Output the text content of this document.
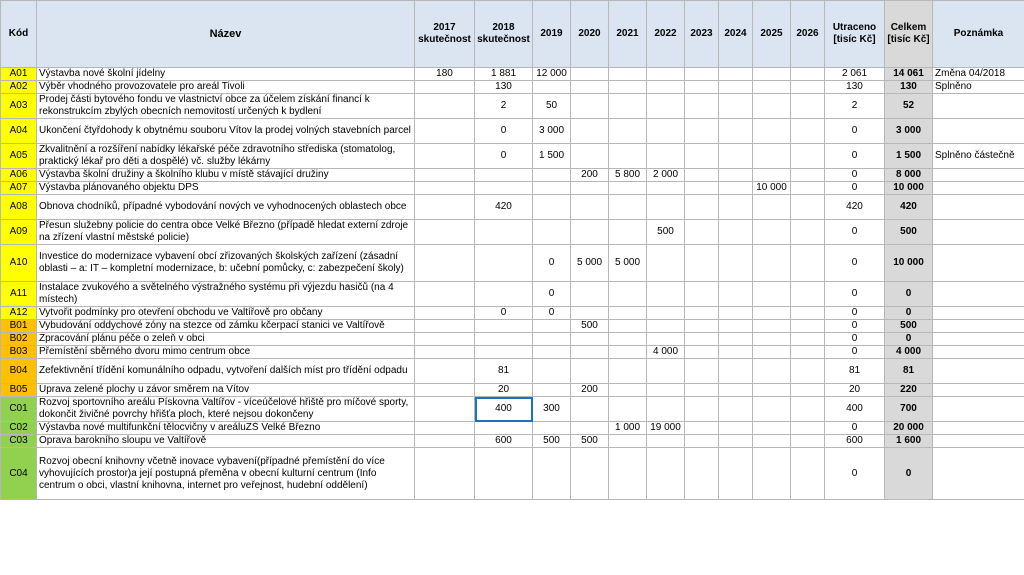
Kód	Název	2017 skutečnost	2018 skutečnost	2019	2020	2021	2022	2023	2024	2025	2026	Utraceno [tisíc Kč]	Celkem [tisíc Kč]	Poznámka
A01	Výstavba nové školní jídelny	180	1 881	12 000								2 061	14 061	Změna 04/2018
A02	Výběr vhodného provozovatele pro areál Tivoli		130									130	130	Splněno
A03	Prodej části bytového fondu ve vlastnictví obce za účelem získání financí k rekonstrukcím zbylých obecních nemovitostí určených k bydlení		2	50								2	52	
A04	Ukončení čtyřdohody k obytnému souboru Vítov la prodej volných stavebních parcel		0	3 000								0	3 000	
A05	Zkvalitnění a rozšíření nabídky lékařské péče zdravotního střediska (stomatolog, praktický lékař pro děti a dospělé) vč. služby lékárny		0	1 500								0	1 500	Splněno částečně
A06	Výstavba školní družiny a školního klubu v místě stávající družiny				200	5 800	2 000					0	8 000	
A07	Výstavba plánovaného objektu DPS									10 000		0	10 000	
A08	Obnova chodníků, případné vybodování nových ve vyhodnocených oblastech obce		420									420	420	
A09	Přesun služebny policie do centra obce Velké Březno (případě hledat externí zdroje na zřízení vlastní městské policie)						500					0	500	
A10	Investice do modernizace vybavení obcí zřizovaných školských zařízení (zásadní oblasti – a: IT – kompletní modernizace, b: učební pomůcky, c: zabezpečení školy)			0	5 000	5 000						0	10 000	
A11	Instalace zvukového a světelného výstražného systému při výjezdu hasičů (na 4 místech)			0								0	0	
A12	Vytvořit podmínky pro otevření obchodu ve Valtířově pro občany		0	0								0	0	
B01	Vybudování oddychové zóny na stezce od zámku kčerpací stanici ve Valtířově				500							0	500	
B02	Zpracování plánu péče o zeleň v obci											0	0	
B03	Přemístění sběrného dvoru mimo centrum obce						4 000					0	4 000	
B04	Zefektivnění třídění komunálního odpadu, vytvoření dalších míst pro třídění odpadu		81									81	81	
B05	Úprava zelené plochy u závor směrem na Vítov		20		200							20	220	
C01	Rozvoj sportovního areálu Pískovna Valtířov - víceúčelové hřiště pro míčové sporty, dokončit živičné povrchy hřišťa ploch, které nejsou dokončeny		400	300								400	700	
C02	Výstavba nové multifunkční tělocvičny v areáluZŠ Velké Březno					1 000	19 000					0	20 000	
C03	Oprava barokního sloupu ve Valtířově		600	500	500							600	1 600	
C04	Rozvoj obecní knihovny včetně inovace vybavení(případné přemístění do více vyhovujících prostor)a její postupná přeměna v obecní kulturní centrum (Info centrum o obci, vlastní knihovna, internet pro veřejnost, hudební oddělení)											0	0	
